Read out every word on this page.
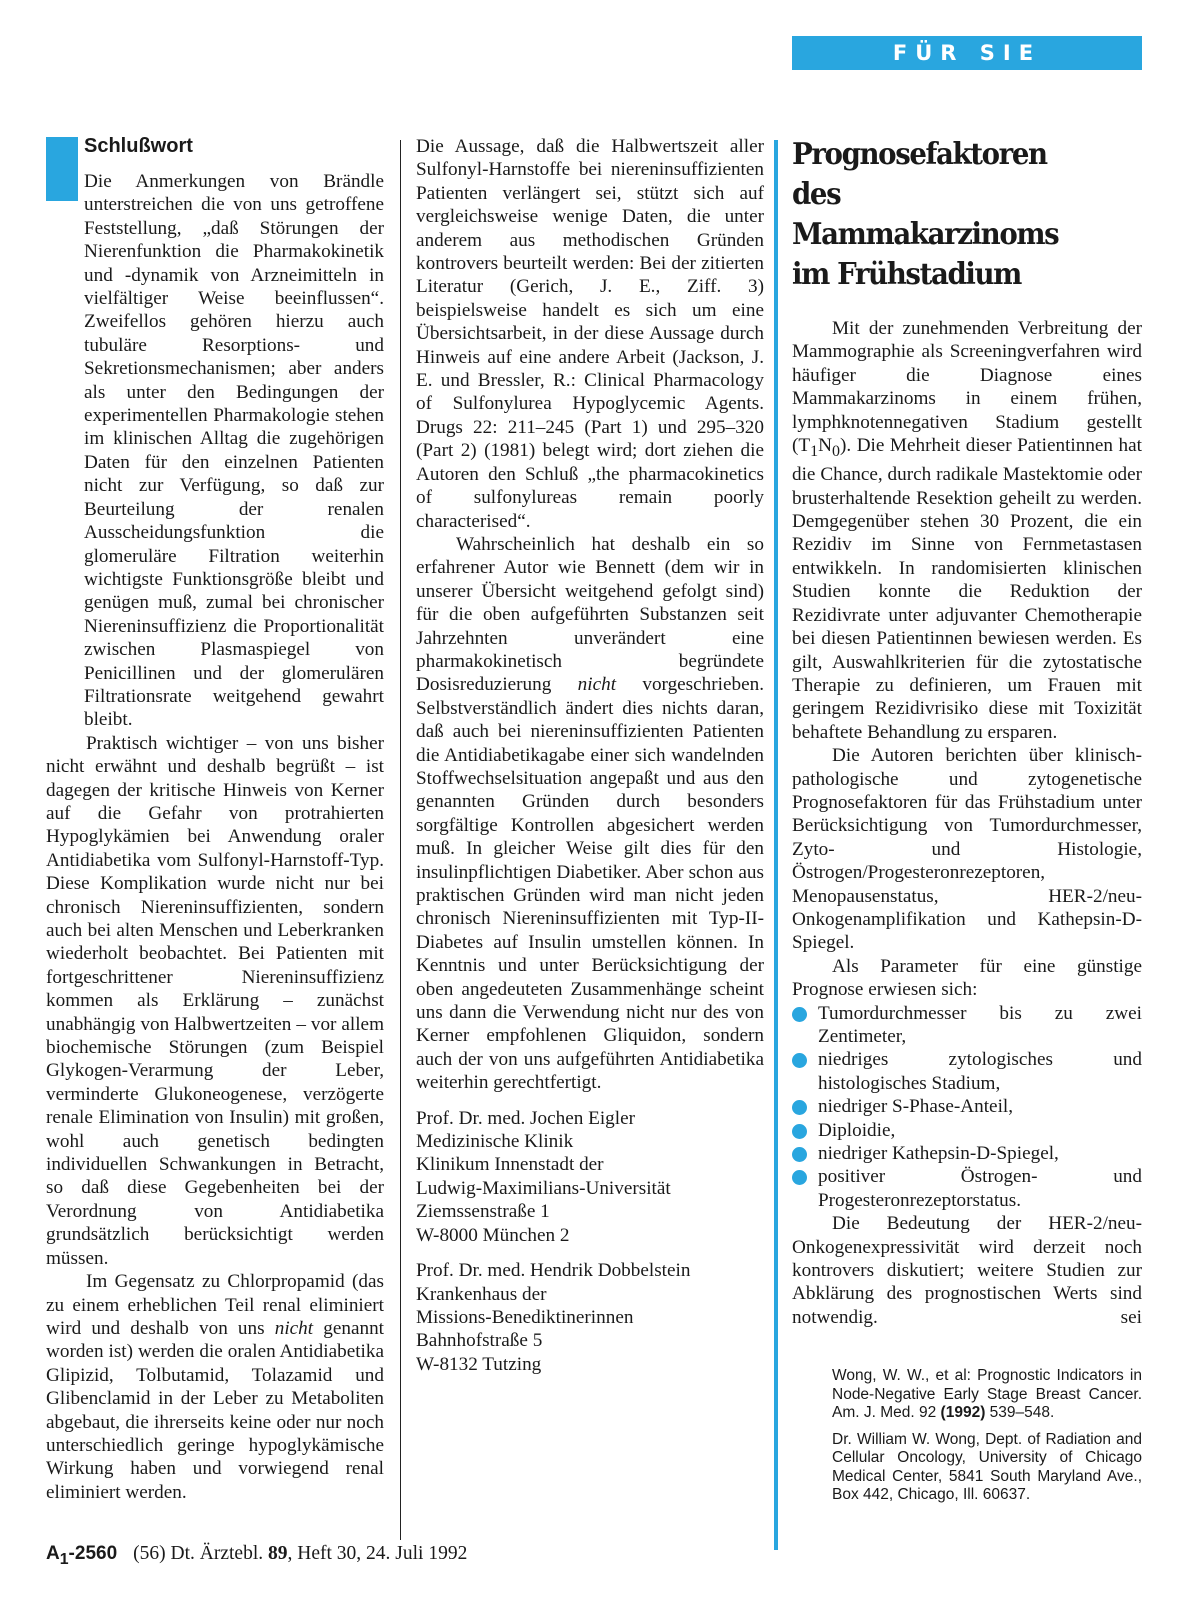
FÜR SIE REFERIERT
Schlußwort

Die Anmerkungen von Brändle unterstreichen die von uns getroffene Feststellung, „daß Störungen der Nierenfunktion die Pharmakokinetik und -dynamik von Arzneimitteln in vielfältiger Weise beeinflussen“. Zweifellos gehören hierzu auch tubuläre Resorptions- und Sekretionsmechanismen; aber anders als unter den Bedingungen der experimentellen Pharmakologie stehen im klinischen Alltag die zugehörigen Daten für den einzelnen Patienten nicht zur Verfügung, so daß zur Beurteilung der renalen Ausscheidungsfunktion die glomeruläre Filtration weiterhin wichtigste Funktionsgröße bleibt und genügen muß, zumal bei chronischer Niereninsuffizienz die Proportionalität zwischen Plasmaspiegel von Penicillinen und der glomerulären Filtrationsrate weitgehend gewahrt bleibt.

Praktisch wichtiger – von uns bisher nicht erwähnt und deshalb begrüßt – ist dagegen der kritische Hinweis von Kerner auf die Gefahr von protrahierten Hypoglykämien bei Anwendung oraler Antidiabetika vom Sulfonyl-Harnstoff-Typ. Diese Komplikation wurde nicht nur bei chronisch Niereninsuffizienten, sondern auch bei alten Menschen und Leberkranken wiederholt beobachtet. Bei Patienten mit fortgeschrittener Niereninsuffizienz kommen als Erklärung – zunächst unabhängig von Halbwertzeiten – vor allem biochemische Störungen (zum Beispiel Glykogen-Verarmung der Leber, verminderte Glukoneogenese, verzögerte renale Elimination von Insulin) mit großen, wohl auch genetisch bedingten individuellen Schwankungen in Betracht, so daß diese Gegebenheiten bei der Verordnung von Antidiabetika grundsätzlich berücksichtigt werden müssen.

Im Gegensatz zu Chlorpropamid (das zu einem erheblichen Teil renal eliminiert wird und deshalb von uns nicht genannt worden ist) werden die oralen Antidiabetika Glipizid, Tolbutamid, Tolazamid und Glibenclamid in der Leber zu Metaboliten abgebaut, die ihrerseits keine oder nur noch unterschiedlich geringe hypoglykämische Wirkung haben und vorwiegend renal eliminiert werden.

Die Aussage, daß die Halbwertszeit aller Sulfonyl-Harnstoffe bei niereninsuffizienten Patienten verlängert sei, stützt sich auf vergleichsweise wenige Daten, die unter anderem aus methodischen Gründen kontrovers beurteilt werden: Bei der zitierten Literatur (Gerich, J. E., Ziff. 3) beispielsweise handelt es sich um eine Übersichtsarbeit, in der diese Aussage durch Hinweis auf eine andere Arbeit (Jackson, J. E. und Bressler, R.: Clinical Pharmacology of Sulfonylurea Hypoglycemic Agents. Drugs 22: 211–245 (Part 1) und 295–320 (Part 2) (1981) belegt wird; dort ziehen die Autoren den Schluß „the pharmacokinetics of sulfonylureas remain poorly characterised“.

Wahrscheinlich hat deshalb ein so erfahrener Autor wie Bennett (dem wir in unserer Übersicht weitgehend gefolgt sind) für die oben aufgeführten Substanzen seit Jahrzehnten unverändert eine pharmakokinetisch begründete Dosisreduzierung nicht vorgeschrieben. Selbstverständlich ändert dies nichts daran, daß auch bei niereninsuffizienten Patienten die Antidiabetikagabe einer sich wandelnden Stoffwechselsituation angepaßt und aus den genannten Gründen durch besonders sorgfältige Kontrollen abgesichert werden muß. In gleicher Weise gilt dies für den insulinpflichtigen Diabetiker. Aber schon aus praktischen Gründen wird man nicht jeden chronisch Niereninsuffizienten mit Typ-II-Diabetes auf Insulin umstellen können. In Kenntnis und unter Berücksichtigung der oben angedeuteten Zusammenhänge scheint uns dann die Verwendung nicht nur des von Kerner empfohlenen Gliquidon, sondern auch der von uns aufgeführten Antidiabetika weiterhin gerechtfertigt.

Prof. Dr. med. Jochen Eigler

Medizinische Klinik

Klinikum Innenstadt der

Ludwig-Maximilians-Universität

Ziemssenstraße 1

W-8000 München 2

Prof. Dr. med. Hendrik Dobbelstein

Krankenhaus der

Missions-Benediktinerinnen

Bahnhofstraße 5

W-8132 Tutzing

Prognosefaktoren
des Mammakarzinoms
im Frühstadium

Mit der zunehmenden Verbreitung der Mammographie als Screeningverfahren wird häufiger die Diagnose eines Mammakarzinoms in einem frühen, lymphknotennegativen Stadium gestellt $(T_1N_0)$. Die Mehrheit dieser Patientinnen hat die Chance, durch radikale Mastektomie oder brusterhaltende Resektion geheilt zu werden. Demgegenüber stehen 30 Prozent, die ein Rezidiv im Sinne von Fernmetastasen entwikkeln. In randomisierten klinischen Studien konnte die Reduktion der Rezidivrate unter adjuvanter Chemotherapie bei diesen Patientinnen bewiesen werden. Es gilt, Auswahlkriterien für die zytostatische Therapie zu definieren, um Frauen mit geringem Rezidivrisiko diese mit Toxizität behaftete Behandlung zu ersparen.

Die Autoren berichten über klinisch-pathologische und zytogenetische Prognosefaktoren für das Frühstadium unter Berücksichtigung von Tumordurchmesser, Zyto- und Histologie, Östrogen/Progesteronrezeptoren, Menopausenstatus, HER-2/neu-Onkogenamplifikation und Kathepsin-D-Spiegel.

Als Parameter für eine günstige Prognose erwiesen sich:

Tumordurchmesser bis zu zwei Zentimeter,
niedriges zytologisches und histologisches Stadium,
niedriger S-Phase-Anteil,
Diploidie,
niedriger Kathepsin-D-Spiegel,
positiver Östrogen- und Progesteronrezeptorstatus.

Die Bedeutung der HER-2/neu-Onkogenexpressivität wird derzeit noch kontrovers diskutiert; weitere Studien zur Abklärung des prognostischen Werts sind notwendig.	sei

Wong, W. W., et al: Prognostic Indicators in Node-Negative Early Stage Breast Cancer. Am. J. Med. 92 (1992) 539–548.

Dr. William W. Wong, Dept. of Radiation and Cellular Oncology, University of Chicago Medical Center, 5841 South Maryland Ave., Box 442, Chicago, Ill. 60637.

$A_1-2560$ (56) Dt. Ärztebl. 89, Heft 30, 24. Juli 1992
